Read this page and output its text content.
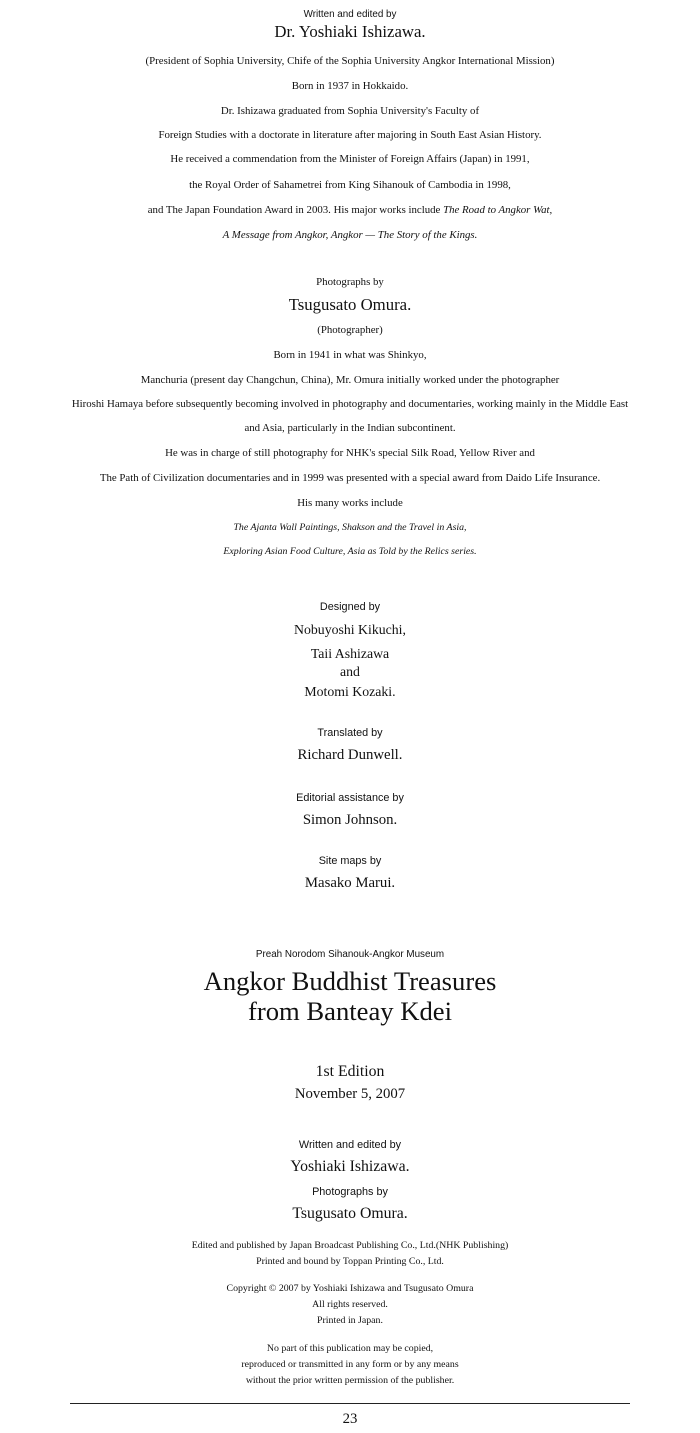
Written and edited by
Dr. Yoshiaki Ishizawa.
(President of Sophia University, Chife of the Sophia University Angkor International Mission)
Born in 1937 in Hokkaido.
Dr. Ishizawa graduated from Sophia University's Faculty of
Foreign Studies with a doctorate in literature after majoring in South East Asian History.
He received a commendation from the Minister of Foreign Affairs (Japan) in 1991,
the Royal Order of Sahametrei from King Sihanouk of Cambodia in 1998,
and The Japan Foundation Award in 2003. His major works include The Road to Angkor Wat,
A Message from Angkor, Angkor — The Story of the Kings.
Photographs by
Tsugusato Omura.
(Photographer)
Born in 1941 in what was Shinkyo,
Manchuria (present day Changchun, China), Mr. Omura initially worked under the photographer
Hiroshi Hamaya before subsequently becoming involved in photography and documentaries, working mainly in the Middle East
and Asia, particularly in the Indian subcontinent.
He was in charge of still photography for NHK's special Silk Road, Yellow River and
The Path of Civilization documentaries and in 1999 was presented with a special award from Daido Life Insurance.
His many works include
The Ajanta Wall Paintings, Shakson and the Travel in Asia,
Exploring Asian Food Culture, Asia as Told by the Relics series.
Designed by
Nobuyoshi Kikuchi,
Taii Ashizawa
and
Motomi Kozaki.
Translated by
Richard Dunwell.
Editorial assistance by
Simon Johnson.
Site maps by
Masako Marui.
Preah Norodom Sihanouk-Angkor Museum
Angkor Buddhist Treasures
from Banteay Kdei
1st Edition
November 5, 2007
Written and edited by
Yoshiaki Ishizawa.
Photographs by
Tsugusato Omura.
Edited and published by Japan Broadcast Publishing Co., Ltd.(NHK Publishing)
Printed and bound by Toppan Printing Co., Ltd.
Copyright © 2007 by Yoshiaki Ishizawa and Tsugusato Omura
All rights reserved.
Printed in Japan.
No part of this publication may be copied,
reproduced or transmitted in any form or by any means
without the prior written permission of the publisher.
23
